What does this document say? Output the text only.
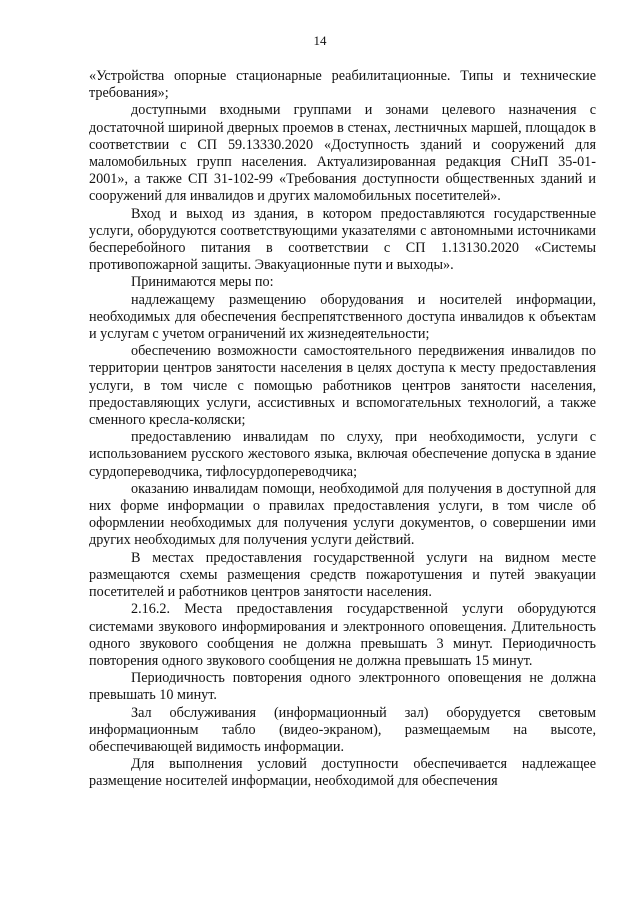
14

«Устройства опорные стационарные реабилитационные. Типы и технические требования»;

доступными входными группами и зонами целевого назначения с достаточной шириной дверных проемов в стенах, лестничных маршей, площадок в соответствии с СП 59.13330.2020 «Доступность зданий и сооружений для маломобильных групп населения. Актуализированная редакция СНиП 35-01-2001», а также СП 31-102-99 «Требования доступности общественных зданий и сооружений для инвалидов и других маломобильных посетителей».

Вход и выход из здания, в котором предоставляются государственные услуги, оборудуются соответствующими указателями с автономными источниками бесперебойного питания в соответствии с СП 1.13130.2020 «Системы противопожарной защиты. Эвакуационные пути и выходы».

Принимаются меры по:

надлежащему размещению оборудования и носителей информации, необходимых для обеспечения беспрепятственного доступа инвалидов к объектам и услугам с учетом ограничений их жизнедеятельности;

обеспечению возможности самостоятельного передвижения инвалидов по территории центров занятости населения в целях доступа к месту предоставления услуги, в том числе с помощью работников центров занятости населения, предоставляющих услуги, ассистивных и вспомогательных технологий, а также сменного кресла-коляски;

предоставлению инвалидам по слуху, при необходимости, услуги с использованием русского жестового языка, включая обеспечение допуска в здание сурдопереводчика, тифлосурдопереводчика;

оказанию инвалидам помощи, необходимой для получения в доступной для них форме информации о правилах предоставления услуги, в том числе об оформлении необходимых для получения услуги документов, о совершении ими других необходимых для получения услуги действий.

В местах предоставления государственной услуги на видном месте размещаются схемы размещения средств пожаротушения и путей эвакуации посетителей и работников центров занятости населения.

2.16.2. Места предоставления государственной услуги оборудуются системами звукового информирования и электронного оповещения. Длительность одного звукового сообщения не должна превышать 3 минут. Периодичность повторения одного звукового сообщения не должна превышать 15 минут.

Периодичность повторения одного электронного оповещения не должна превышать 10 минут.

Зал обслуживания (информационный зал) оборудуется световым информационным табло (видео-экраном), размещаемым на высоте, обеспечивающей видимость информации.

Для выполнения условий доступности обеспечивается надлежащее размещение носителей информации, необходимой для обеспечения
